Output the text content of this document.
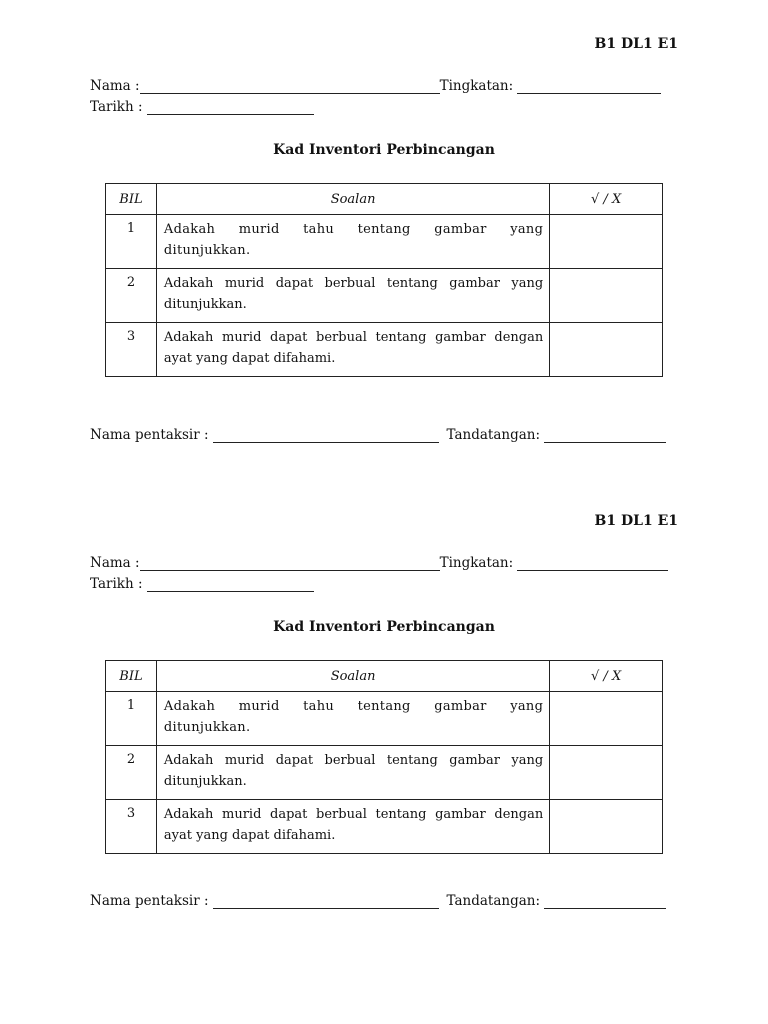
B1 DL1 E1
Nama :	Tingkatan:
Tarikh :
Kad Inventori Perbincangan
BIL	Soalan	√ / X
1	Adakah murid tahu tentang gambar yang ditunjukkan.	
2	Adakah murid dapat berbual tentang gambar yang ditunjukkan.	
3	Adakah murid dapat berbual tentang gambar dengan ayat yang dapat difahami.	
Nama pentaksir :	Tandatangan:
B1 DL1 E1
Nama :	Tingkatan:
Tarikh :
Kad Inventori Perbincangan
BIL	Soalan	√ / X
1	Adakah murid tahu tentang gambar yang ditunjukkan.	
2	Adakah murid dapat berbual tentang gambar yang ditunjukkan.	
3	Adakah murid dapat berbual tentang gambar dengan ayat yang dapat difahami.	
Nama pentaksir :	Tandatangan:
